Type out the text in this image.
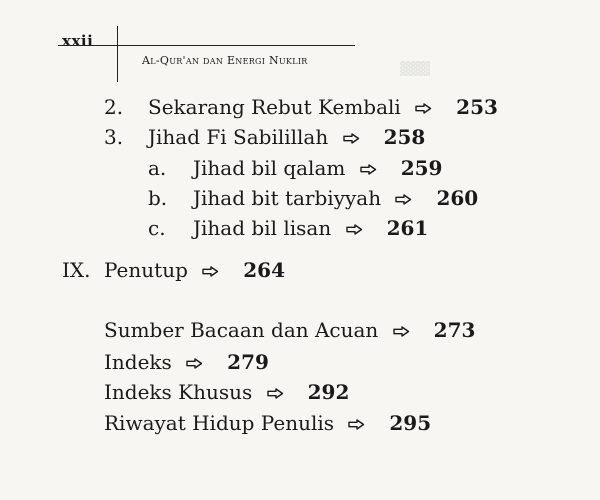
▓▓▓
xxii
Al-Qur'an dan Energi Nuklir
2. Sekarang Rebut Kembali	253
3. Jihad Fi Sabilillah	258
a. Jihad bil qalam	259
b. Jihad bit tarbiyyah	260
c. Jihad bil lisan	261
IX. Penutup	264
Sumber Bacaan dan Acuan	273
Indeks	279
Indeks Khusus	292
Riwayat Hidup Penulis	295
